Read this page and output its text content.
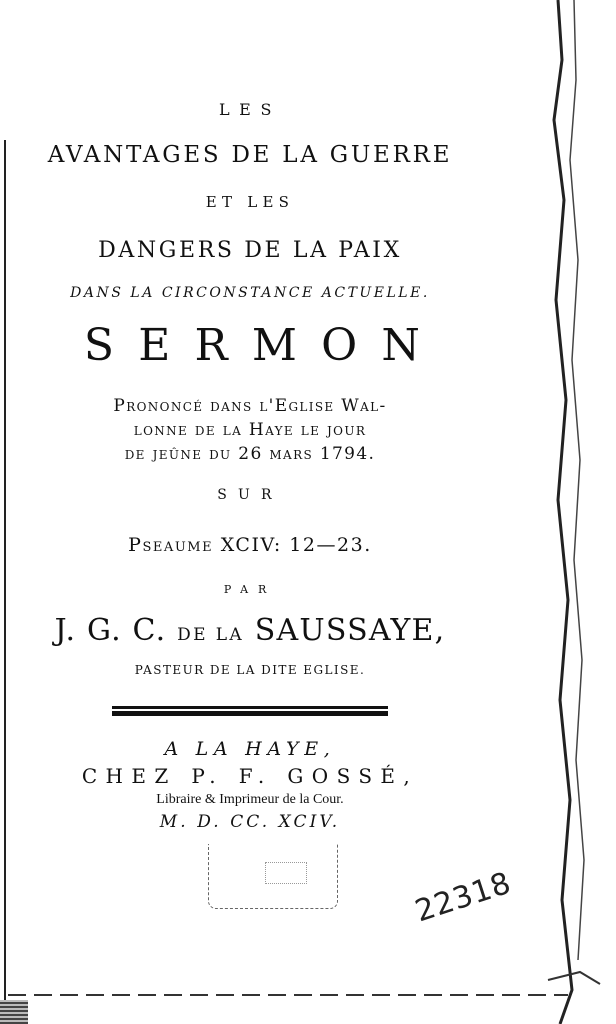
LES
AVANTAGES DE LA GUERRE
ET LES
DANGERS DE LA PAIX
DANS LA CIRCONSTANCE ACTUELLE.
SERMON
Prononcé dans l'Eglise Wal-
lonne de la Haye le jour
de jeûne du 26 mars 1794.
SUR
Pseaume XCIV: 12—23.
PAR
J. G. C. DE LA SAUSSAYE,
PASTEUR DE LA DITE EGLISE.
A LA HAYE,
CHEZ P. F. GOSSÉ,
Libraire & Imprimeur de la Cour.
M. D. CC. XCIV.
22318
